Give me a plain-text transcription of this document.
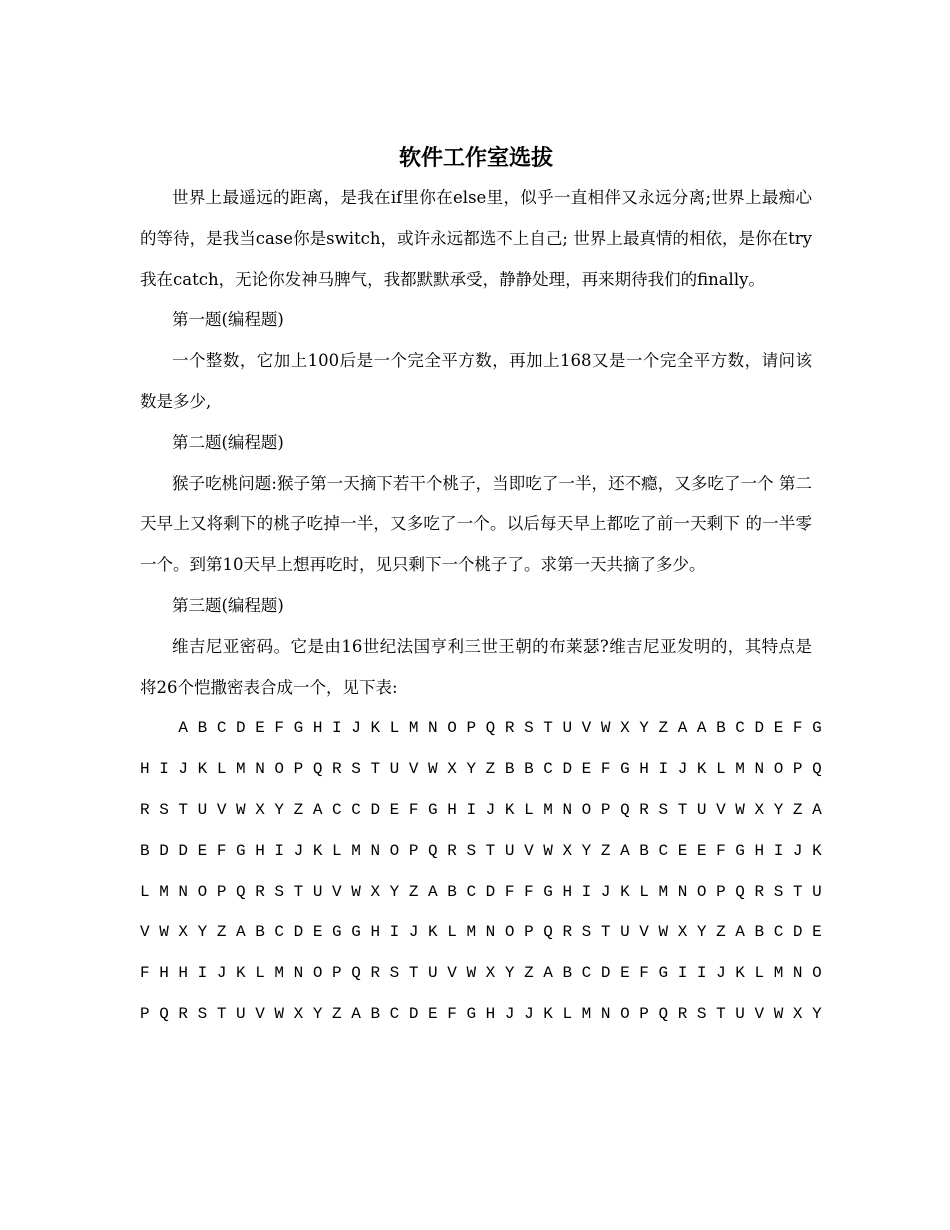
软件工作室选拔

世界上最遥远的距离，是我在if里你在else里，似乎一直相伴又永远分离;世界上最痴心的等待，是我当case你是switch，或许永远都选不上自己; 世界上最真情的相依，是你在try我在catch，无论你发神马脾气，我都默默承受，静静处理，再来期待我们的finally。

第一题(编程题)

一个整数，它加上100后是一个完全平方数，再加上168又是一个完全平方数，请问该数是多少,

第二题(编程题)

猴子吃桃问题:猴子第一天摘下若干个桃子，当即吃了一半，还不瘾，又多吃了一个 第二天早上又将剩下的桃子吃掉一半，又多吃了一个。以后每天早上都吃了前一天剩下 的一半零一个。到第10天早上想再吃时，见只剩下一个桃子了。求第一天共摘了多少。

第三题(编程题)

维吉尼亚密码。它是由16世纪法国亨利三世王朝的布莱瑟?维吉尼亚发明的，其特点是将26个恺撒密表合成一个，见下表:

A B C D E F G H I J K L M N O P Q R S T U V W X Y Z A A B C D E F G

H I J K L M N O P Q R S T U V W X Y Z B B C D E F G H I J K L M N O P Q

R S T U V W X Y Z A C C D E F G H I J K L M N O P Q R S T U V W X Y Z A

B D D E F G H I J K L M N O P Q R S T U V W X Y Z A B C E E F G H I J K

L M N O P Q R S T U V W X Y Z A B C D F F G H I J K L M N O P Q R S T U

V W X Y Z A B C D E G G H I J K L M N O P Q R S T U V W X Y Z A B C D E

F H H I J K L M N O P Q R S T U V W X Y Z A B C D E F G I I J K L M N O

P Q R S T U V W X Y Z A B C D E F G H J J K L M N O P Q R S T U V W X Y
